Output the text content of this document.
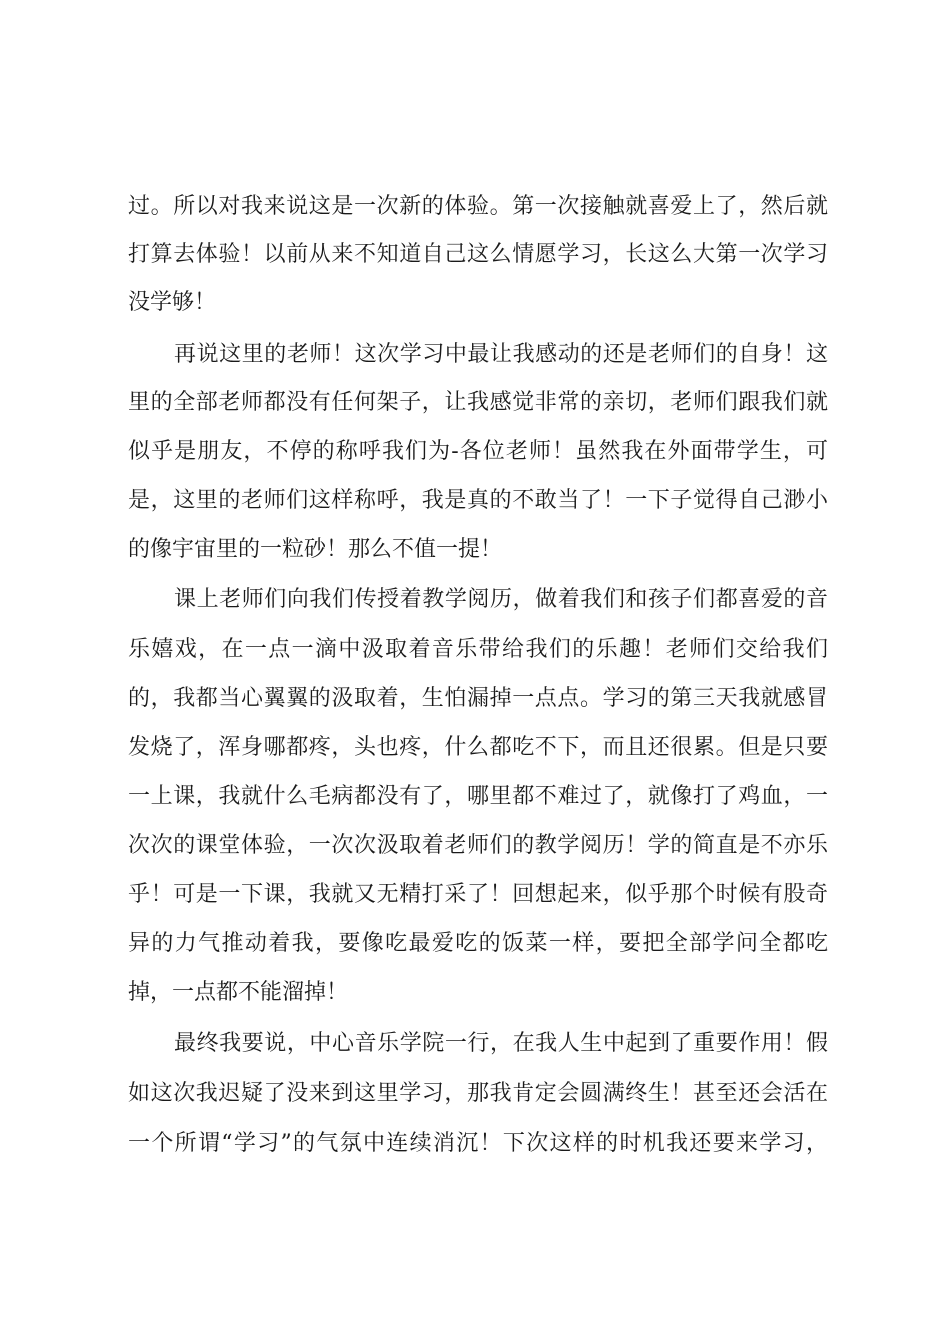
过。所以对我来说这是一次新的体验。第一次接触就喜爱上了，然后就
打算去体验！以前从来不知道自己这么情愿学习，长这么大第一次学习
没学够！
再说这里的老师！这次学习中最让我感动的还是老师们的自身！这
里的全部老师都没有任何架子，让我感觉非常的亲切，老师们跟我们就
似乎是朋友，不停的称呼我们为-各位老师！虽然我在外面带学生，可
是，这里的老师们这样称呼，我是真的不敢当了！一下子觉得自己渺小
的像宇宙里的一粒砂！那么不值一提！
课上老师们向我们传授着教学阅历，做着我们和孩子们都喜爱的音
乐嬉戏，在一点一滴中汲取着音乐带给我们的乐趣！老师们交给我们
的，我都当心翼翼的汲取着，生怕漏掉一点点。学习的第三天我就感冒
发烧了，浑身哪都疼，头也疼，什么都吃不下，而且还很累。但是只要
一上课，我就什么毛病都没有了，哪里都不难过了，就像打了鸡血，一
次次的课堂体验，一次次汲取着老师们的教学阅历！学的简直是不亦乐
乎！可是一下课，我就又无精打采了！回想起来，似乎那个时候有股奇
异的力气推动着我，要像吃最爱吃的饭菜一样，要把全部学问全都吃
掉，一点都不能溜掉！
最终我要说，中心音乐学院一行，在我人生中起到了重要作用！假
如这次我迟疑了没来到这里学习，那我肯定会圆满终生！甚至还会活在
一个所谓“学习”的气氛中连续消沉！下次这样的时机我还要来学习，
